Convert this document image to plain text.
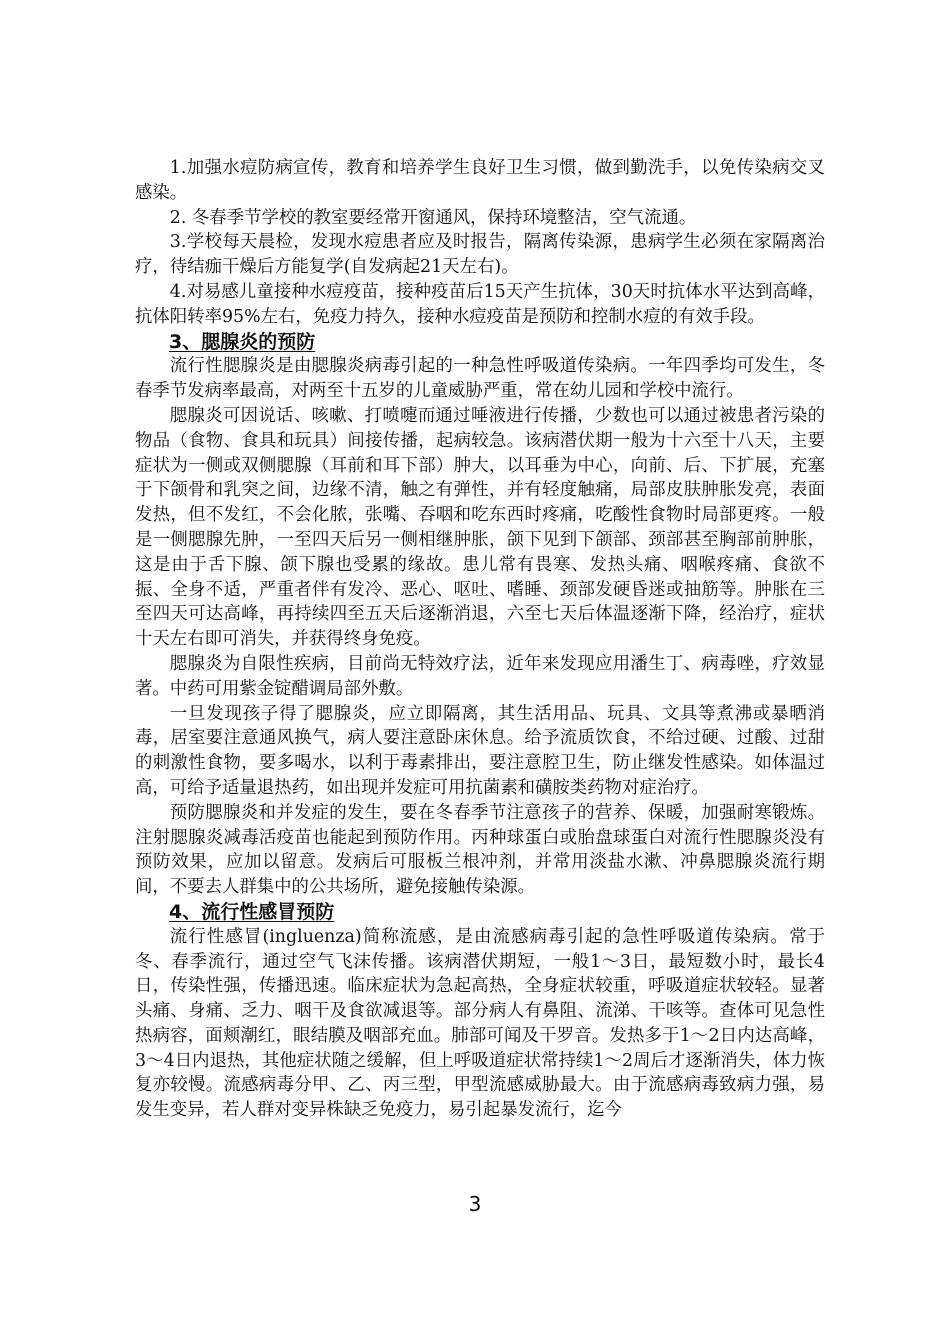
1.加强水痘防病宣传，教育和培养学生良好卫生习惯，做到勤洗手，以免传染病交叉感染。

2. 冬春季节学校的教室要经常开窗通风，保持环境整洁，空气流通。

3.学校每天晨检，发现水痘患者应及时报告，隔离传染源，患病学生必须在家隔离治疗，待结痂干燥后方能复学(自发病起21天左右)。

4.对易感儿童接种水痘疫苗，接种疫苗后15天产生抗体，30天时抗体水平达到高峰，抗体阳转率95%左右，免疫力持久，接种水痘疫苗是预防和控制水痘的有效手段。

3、腮腺炎的预防

流行性腮腺炎是由腮腺炎病毒引起的一种急性呼吸道传染病。一年四季均可发生，冬春季节发病率最高，对两至十五岁的儿童威胁严重，常在幼儿园和学校中流行。

腮腺炎可因说话、咳嗽、打喷嚏而通过唾液进行传播，少数也可以通过被患者污染的物品（食物、食具和玩具）间接传播，起病较急。该病潜伏期一般为十六至十八天，主要症状为一侧或双侧腮腺（耳前和耳下部）肿大，以耳垂为中心，向前、后、下扩展，充塞于下颌骨和乳突之间，边缘不清，触之有弹性，并有轻度触痛，局部皮肤肿胀发亮，表面发热，但不发红，不会化脓，张嘴、吞咽和吃东西时疼痛，吃酸性食物时局部更疼。一般是一侧腮腺先肿，一至四天后另一侧相继肿胀，颌下见到下颌部、颈部甚至胸部前肿胀，这是由于舌下腺、颌下腺也受累的缘故。患儿常有畏寒、发热头痛、咽喉疼痛、食欲不振、全身不适，严重者伴有发冷、恶心、呕吐、嗜睡、颈部发硬昏迷或抽筋等。肿胀在三至四天可达高峰，再持续四至五天后逐渐消退，六至七天后体温逐渐下降，经治疗，症状十天左右即可消失，并获得终身免疫。

腮腺炎为自限性疾病，目前尚无特效疗法，近年来发现应用潘生丁、病毒唑，疗效显著。中药可用紫金锭醋调局部外敷。

一旦发现孩子得了腮腺炎，应立即隔离，其生活用品、玩具、文具等煮沸或暴晒消毒，居室要注意通风换气，病人要注意卧床休息。给予流质饮食，不给过硬、过酸、过甜的刺激性食物，要多喝水，以利于毒素排出，要注意腔卫生，防止继发性感染。如体温过高，可给予适量退热药，如出现并发症可用抗菌素和磺胺类药物对症治疗。

预防腮腺炎和并发症的发生，要在冬春季节注意孩子的营养、保暖，加强耐寒锻炼。注射腮腺炎减毒活疫苗也能起到预防作用。丙种球蛋白或胎盘球蛋白对流行性腮腺炎没有预防效果，应加以留意。发病后可服板兰根冲剂，并常用淡盐水漱、冲鼻腮腺炎流行期间，不要去人群集中的公共场所，避免接触传染源。

4、流行性感冒预防

流行性感冒(ingluenza)简称流感，是由流感病毒引起的急性呼吸道传染病。常于冬、春季流行，通过空气飞沫传播。该病潜伏期短，一般1～3日，最短数小时，最长4日，传染性强，传播迅速。临床症状为急起高热，全身症状较重，呼吸道症状较轻。显著头痛、身痛、乏力、咽干及食欲减退等。部分病人有鼻阻、流涕、干咳等。查体可见急性热病容，面颊潮红，眼结膜及咽部充血。肺部可闻及干罗音。发热多于1～2日内达高峰，3～4日内退热，其他症状随之缓解，但上呼吸道症状常持续1～2周后才逐渐消失，体力恢复亦较慢。流感病毒分甲、乙、丙三型，甲型流感威胁最大。由于流感病毒致病力强，易发生变异，若人群对变异株缺乏免疫力，易引起暴发流行，迄今

3
